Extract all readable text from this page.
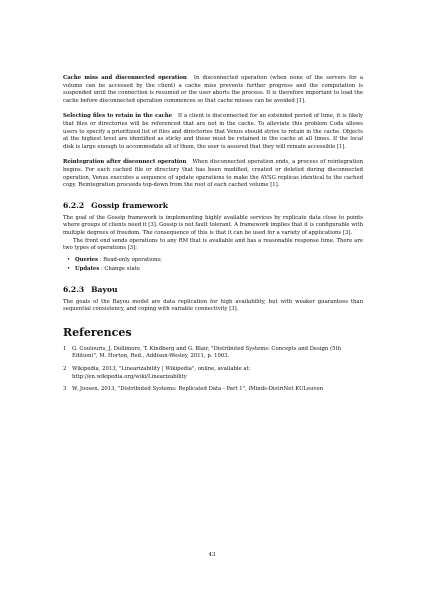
Cache miss and disconnected operation In disconnected operation (when none of the servers for a volume can be accessed by the client) a cache miss prevents further progress and the computation is suspended until the connection is resumed or the user aborts the process. It is therefore important to load the cache before disconnected operation commences so that cache misses can be avoided [1].

Selecting files to retain in the cache If a client is disconnected for an extended period of time, it is likely that files or directories will be referenced that are not in the cache. To alleviate this problem Coda allows users to specify a prioritized list of files and directories that Venus should strive to retain in the cache. Objects at the highest level are identified as sticky and these must be retained in the cache at all times. If the local disk is large enough to accommodate all of them, the user is assured that they will remain accessible [1].

Reintegration after disconnect operation When disconnected operation ends, a process of reintegration begins. For each cached file or directory that has been modified, created or deleted during disconnected operation, Venus executes a sequence of update operations to make the AVSG replicas identical to the cached copy. Reintegration proceeds top-down from the root of each cached volume [1].

6.2.2 Gossip framework

The goal of the Gossip framework is implementing highly available services by replicate data close to points where groups of clients need it [3]. Gossip is not fault tolerant. A framework implies that it is configurable with multiple degrees of freedom. The consequence of this is that it can be used for a variety of applications [3].

The front end sends operations to any RM that is available and has a reasonable response time. There are two types of operations [3]:

• Queries : Read-only operations;
• Updates : Change state
6.2.3 Bayou

The goals of the Bayou model are data replication for high availability, but with weaker guarantees than sequential consistency, and coping with variable connectivity [3].

References
1	G. Coulouris, J. Dollimore, T. Kindberg and G. Blair, "Distributed Systems: Concepts and Design (5th Edition)", M. Horton, Red., Addison-Wesley, 2011, p. 1063.
2	Wikipedia, 2013, "Linearizability | Wikipedia", online, available at: http://en.wikipedia.org/wiki/Linearizability
3	W. Joosen, 2013, "Distributed Systems: Replicated Data - Part 1", iMinds-DistriNet KULeuven
43
